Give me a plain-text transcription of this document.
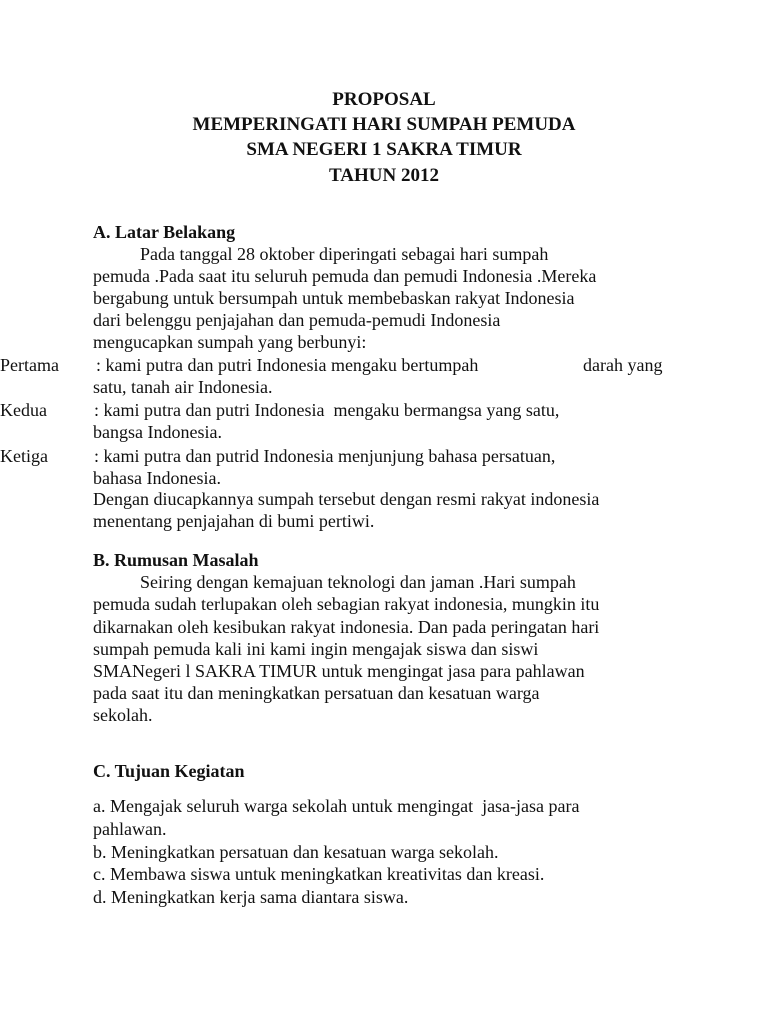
PROPOSAL
MEMPERINGATI HARI SUMPAH PEMUDA
SMA NEGERI 1 SAKRA TIMUR
TAHUN 2012
A. Latar Belakang
Pada tanggal 28 oktober diperingati sebagai hari sumpah
pemuda .Pada saat itu seluruh pemuda dan pemudi Indonesia .Mereka
bergabung untuk bersumpah untuk membebaskan rakyat Indonesia
dari belenggu penjajahan dan pemuda-pemudi Indonesia
mengucapkan sumpah yang berbunyi:
Pertama : kami putra dan putri Indonesia mengaku bertumpah	darah yang
satu, tanah air Indonesia.
Kedua	: kami putra dan putri Indonesia  mengaku bermangsa yang satu,
bangsa Indonesia.
Ketiga	: kami putra dan putrid Indonesia menjunjung bahasa persatuan,
bahasa Indonesia.
Dengan diucapkannya sumpah tersebut dengan resmi rakyat indonesia
menentang penjajahan di bumi pertiwi.
B. Rumusan Masalah
Seiring dengan kemajuan teknologi dan jaman .Hari sumpah
pemuda sudah terlupakan oleh sebagian rakyat indonesia, mungkin itu
dikarnakan oleh kesibukan rakyat indonesia. Dan pada peringatan hari
sumpah pemuda kali ini kami ingin mengajak siswa dan siswi
SMANegeri l SAKRA TIMUR untuk mengingat jasa para pahlawan
pada saat itu dan meningkatkan persatuan dan kesatuan warga
sekolah.
C. Tujuan Kegiatan
a. Mengajak seluruh warga sekolah untuk mengingat  jasa-jasa para
pahlawan.
b. Meningkatkan persatuan dan kesatuan warga sekolah.
c. Membawa siswa untuk meningkatkan kreativitas dan kreasi.
d. Meningkatkan kerja sama diantara siswa.
